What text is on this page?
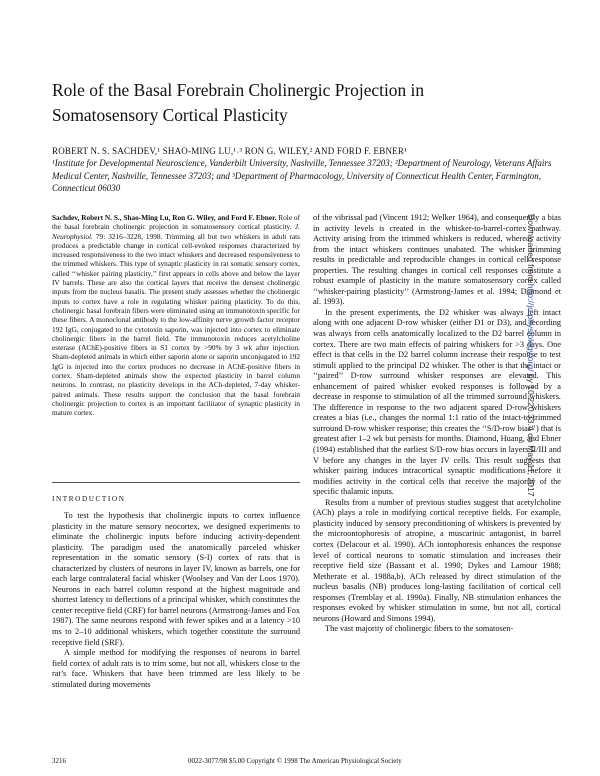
Role of the Basal Forebrain Cholinergic Projection in Somatosensory Cortical Plasticity
ROBERT N. S. SACHDEV,¹ SHAO-MING LU,¹˒³ RON G. WILEY,² AND FORD F. EBNER¹
¹Institute for Developmental Neuroscience, Vanderbilt University, Nashville, Tennessee 37203; ²Department of Neurology, Veterans Affairs Medical Center, Nashville, Tennessee 37203; and ³Department of Pharmacology, University of Connecticut Health Center, Farmington, Connecticut 06030
Sachdev, Robert N. S., Shao-Ming Lu, Ron G. Wiley, and Ford F. Ebner. Role of the basal forebrain cholinergic projection in somatosensory cortical plasticity. J. Neurophysiol. 79: 3216–3228, 1998. Trimming all but two whiskers in adult rats produces a predictable change in cortical cell-evoked responses characterized by increased responsiveness to the two intact whiskers and decreased responsiveness to the trimmed whiskers. This type of synaptic plasticity in rat somatic sensory cortex, called ‘‘whisker pairing plasticity,’’ first appears in cells above and below the layer IV barrels. These are also the cortical layers that receive the densest cholinergic inputs from the nucleus basalis. The present study assesses whether the cholinergic inputs to cortex have a role in regulating whisker pairing plasticity. To do this, cholinergic basal forebrain fibers were eliminated using an immunotoxin specific for these fibers. A monoclonal antibody to the low-affinity nerve growth factor receptor 192 IgG, conjugated to the cytotoxin saporin, was injected into cortex to eliminate cholinergic fibers in the barrel field. The immunotoxin reduces acetylcholine esterase (AChE)-positive fibers in S1 cortex by >90% by 3 wk after injection. Sham-depleted animals in which either saporin alone or saporin unconjugated to 192 IgG is injected into the cortex produces no decrease in AChE-positive fibers in cortex. Sham-depleted animals show the expected plasticity in barrel column neurons. In contrast, no plasticity develops in the ACh-depleted, 7-day whisker-paired animals. These results support the conclusion that the basal forebrain cholinergic projection to cortex is an important facilitator of synaptic plasticity in mature cortex.
INTRODUCTION

To test the hypothesis that cholinergic inputs to cortex influence plasticity in the mature sensory neocortex, we designed experiments to eliminate the cholinergic inputs before inducing activity-dependent plasticity. The paradigm used the anatomically parceled whisker representation in the somatic sensory (S-I) cortex of rats that is characterized by clusters of neurons in layer IV, known as barrels, one for each large contralateral facial whisker (Woolsey and Van der Loos 1970). Neurons in each barrel column respond at the highest magnitude and shortest latency to deflections of a principal whisker, which constitutes the center receptive field (CRF) for barrel neurons (Armstrong-James and Fox 1987). The same neurons respond with fewer spikes and at a latency >10 ms to 2–10 additional whiskers, which together constitute the surround receptive field (SRF).

A simple method for modifying the responses of neurons in barrel field cortex of adult rats is to trim some, but not all, whiskers close to the rat’s face. Whiskers that have been trimmed are less likely to be stimulated during movements

of the vibrissal pad (Vincent 1912; Welker 1964), and consequently a bias in activity levels is created in the whisker-to-barrel-cortex pathway. Activity arising from the trimmed whiskers is reduced, whereas activity from the intact whiskers continues unabated. The whisker trimming results in predictable and reproducible changes in cortical cell response properties. The resulting changes in cortical cell responses constitute a robust example of plasticity in the mature somatosensory cortex called ‘‘whisker-pairing plasticity’’ (Armstrong-James et al. 1994; Diamond et al. 1993).

In the present experiments, the D2 whisker was always left intact along with one adjacent D-row whisker (either D1 or D3), and recording was always from cells anatomically localized to the D2 barrel column in cortex. There are two main effects of pairing whiskers for >3 days. One effect is that cells in the D2 barrel column increase their response to test stimuli applied to the principal D2 whisker. The other is that the intact or ‘‘paired’’ D-row surround whisker responses are elevated. This enhancement of paired whisker evoked responses is followed by a decrease in response to stimulation of all the trimmed surround whiskers. The difference in response to the two adjacent spared D-row whiskers creates a bias (i.e., changes the normal 1:1 ratio of the intact-to-trimmed surround D-row whisker response; this creates the ‘‘S/D-row bias’’) that is greatest after 1–2 wk but persists for months. Diamond, Huang, and Ebner (1994) established that the earliest S/D-row bias occurs in layers II/III and V before any changes in the layer IV cells. This result suggests that whisker pairing induces intracortical synaptic modifications before it modifies activity in the cortical cells that receive the majority of the specific thalamic inputs.

Results from a number of previous studies suggest that acetylcholine (ACh) plays a role in modifying cortical receptive fields. For example, plasticity induced by sensory preconditioning of whiskers is prevented by the microontophoresis of atropine, a muscarinic antagonist, in barrel cortex (Delacour et al. 1990). ACh iontophoresis enhances the response level of cortical neurons to somatic stimulation and increases their receptive field size (Bassant et al. 1990; Dykes and Lamour 1988; Metherate et al. 1988a,b). ACh released by direct stimulation of the nucleus basalis (NB) produces long-lasting facilitation of cortical cell responses (Tremblay et al. 1990a). Finally, NB stimulation enhances the responses evoked by whisker stimulation in some, but not all, cortical neurons (Howard and Simons 1994).

The vast majority of cholinergic fibers to the somatosen-

3216	0022-3077/98 $5.00 Copyright © 1998 The American Physiological Society
Downloaded from http://jn.physiology.org/ by 10.220.33.4 on May 11, 2017
